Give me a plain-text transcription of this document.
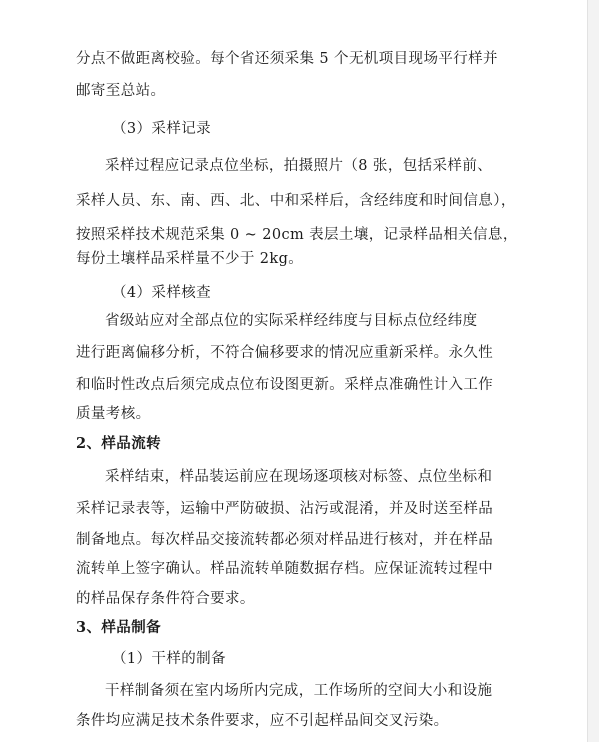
分点不做距离校验。每个省还须采集 5 个无机项目现场平行样并
邮寄至总站。
（3）采样记录
采样过程应记录点位坐标，拍摄照片（8 张，包括采样前、
采样人员、东、南、西、北、中和采样后，含经纬度和时间信息），
按照采样技术规范采集 0 ~ 20cm 表层土壤，记录样品相关信息，
每份土壤样品采样量不少于 2kg。
（4）采样核查
省级站应对全部点位的实际采样经纬度与目标点位经纬度
进行距离偏移分析，不符合偏移要求的情况应重新采样。永久性
和临时性改点后须完成点位布设图更新。采样点准确性计入工作
质量考核。
2、样品流转
采样结束，样品装运前应在现场逐项核对标签、点位坐标和
采样记录表等，运输中严防破损、沾污或混淆，并及时送至样品
制备地点。每次样品交接流转都必须对样品进行核对，并在样品
流转单上签字确认。样品流转单随数据存档。应保证流转过程中
的样品保存条件符合要求。
3、样品制备
（1）干样的制备
干样制备须在室内场所内完成，工作场所的空间大小和设施
条件均应满足技术条件要求，应不引起样品间交叉污染。
